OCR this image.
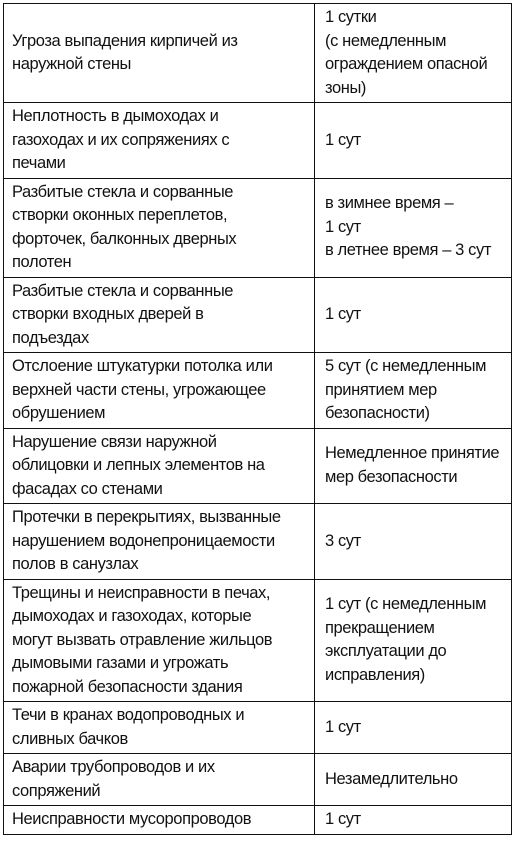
Угроза выпадения кирпичей из
наружной стены	1 сутки
(с немедленным
ограждением опасной
зоны)

Неплотность в дымоходах и
газоходах и их сопряжениях с
печами	1 сут

Разбитые стекла и сорванные
створки оконных переплетов,
форточек, балконных дверных
полотен	в зимнее время –
1 сут
в летнее время – 3 сут

Разбитые стекла и сорванные
створки входных дверей в
подъездах	1 сут

Отслоение штукатурки потолка или
верхней части стены, угрожающее
обрушением	5 сут (с немедленным
принятием мер
безопасности)

Нарушение связи наружной
облицовки и лепных элементов на
фасадах со стенами	Немедленное принятие
мер безопасности

Протечки в перекрытиях, вызванные
нарушением водонепроницаемости
полов в санузлах	3 сут

Трещины и неисправности в печах,
дымоходах и газоходах, которые
могут вызвать отравление жильцов
дымовыми газами и угрожать
пожарной безопасности здания	1 сут (с немедленным
прекращением
эксплуатации до
исправления)

Течи в кранах водопроводных и
сливных бачков	1 сут

Аварии трубопроводов и их
сопряжений	Незамедлительно

Неисправности мусоропроводов	1 сут
